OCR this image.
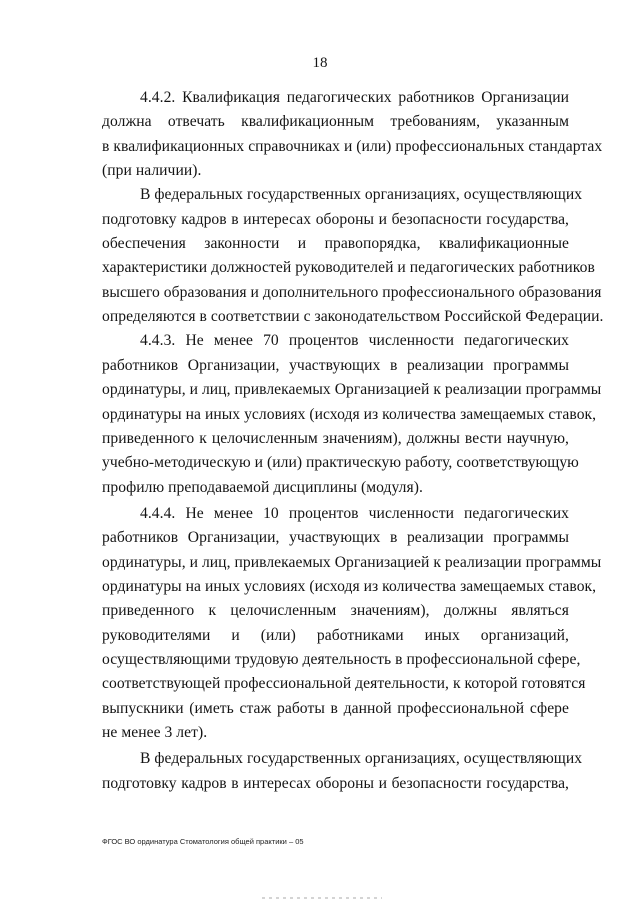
18
4.4.2. Квалификация педагогических работников Организации
должна отвечать квалификационным требованиям, указанным
в квалификационных справочниках и (или) профессиональных стандартах
(при наличии).
В федеральных государственных организациях, осуществляющих
подготовку кадров в интересах обороны и безопасности государства,
обеспечения законности и правопорядка, квалификационные
характеристики должностей руководителей и педагогических работников
высшего образования и дополнительного профессионального образования
определяются в соответствии с законодательством Российской Федерации.
4.4.3. Не менее 70 процентов численности педагогических
работников Организации, участвующих в реализации программы
ординатуры, и лиц, привлекаемых Организацией к реализации программы
ординатуры на иных условиях (исходя из количества замещаемых ставок,
приведенного к целочисленным значениям), должны вести научную,
учебно-методическую и (или) практическую работу, соответствующую
профилю преподаваемой дисциплины (модуля).
4.4.4. Не менее 10 процентов численности педагогических
работников Организации, участвующих в реализации программы
ординатуры, и лиц, привлекаемых Организацией к реализации программы
ординатуры на иных условиях (исходя из количества замещаемых ставок,
приведенного к целочисленным значениям), должны являться
руководителями и (или) работниками иных организаций,
осуществляющими трудовую деятельность в профессиональной сфере,
соответствующей профессиональной деятельности, к которой готовятся
выпускники (иметь стаж работы в данной профессиональной сфере
не менее 3 лет).
В федеральных государственных организациях, осуществляющих
подготовку кадров в интересах обороны и безопасности государства,
ФГОС ВО ординатура Стоматология общей практики – 05
